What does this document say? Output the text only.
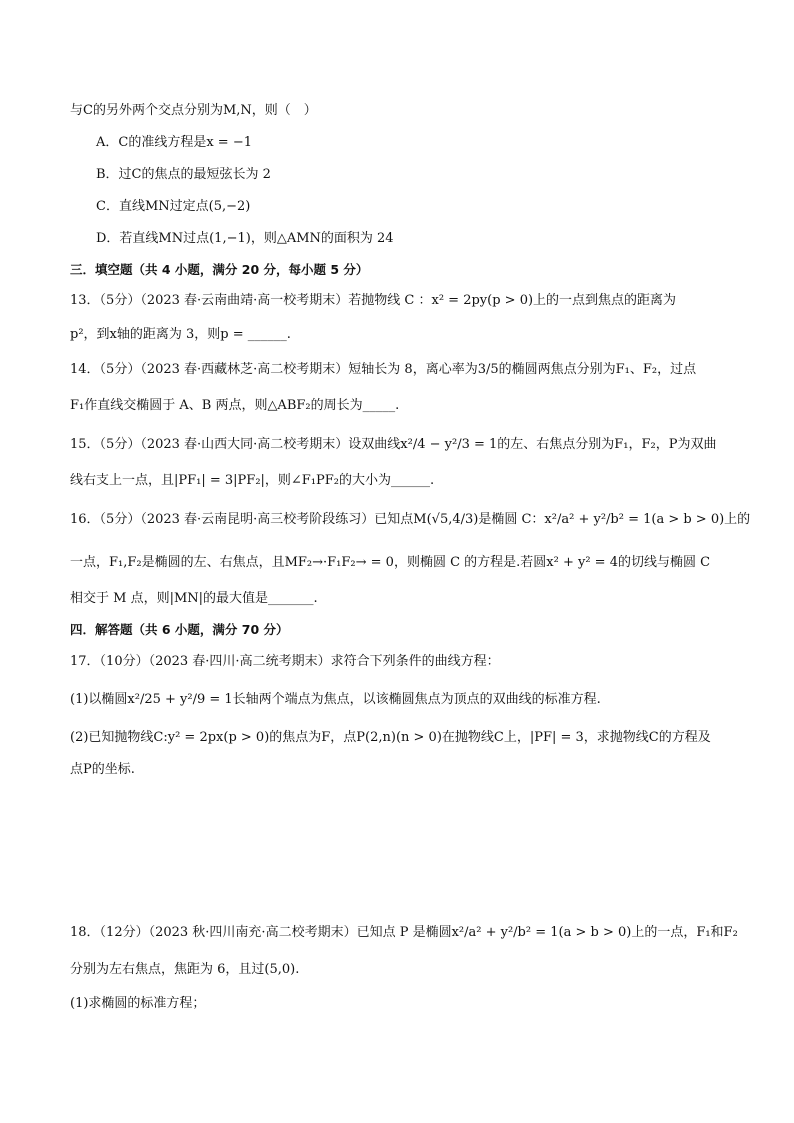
与C的另外两个交点分别为M,N，则（　）
A．C的准线方程是x = −1
B．过C的焦点的最短弦长为 2
C．直线MN过定点(5,−2)
D．若直线MN过点(1,−1)，则△AMN的面积为 24
三．填空题（共 4 小题，满分 20 分，每小题 5 分）
13．（5分）（2023 春·云南曲靖·高一校考期末）若抛物线 C ：x² = 2py(p > 0)上的一点到焦点的距离为
p²，到x轴的距离为 3，则p = ______.
14．（5分）（2023 春·西藏林芝·高二校考期末）短轴长为 8，离心率为3/5的椭圆两焦点分别为F₁、F₂，过点
F₁作直线交椭圆于 A、B 两点，则△ABF₂的周长为_____.
15．（5分）（2023 春·山西大同·高二校考期末）设双曲线x²/4 − y²/3 = 1的左、右焦点分别为F₁，F₂，P为双曲
线右支上一点，且|PF₁| = 3|PF₂|，则∠F₁PF₂的大小为______.
16．（5分）（2023 春·云南昆明·高三校考阶段练习）已知点M(√5,4/3)是椭圆 C：x²/a² + y²/b² = 1(a > b > 0)上的
一点，F₁,F₂是椭圆的左、右焦点，且MF₂→·F₁F₂→ = 0，则椭圆 C 的方程是.若圆x² + y² = 4的切线与椭圆 C
相交于 M 点，则|MN|的最大值是_______.
四．解答题（共 6 小题，满分 70 分）
17．（10分）（2023 春·四川·高二统考期末）求符合下列条件的曲线方程：
(1)以椭圆x²/25 + y²/9 = 1长轴两个端点为焦点，以该椭圆焦点为顶点的双曲线的标准方程.
(2)已知抛物线C:y² = 2px(p > 0)的焦点为F，点P(2,n)(n > 0)在抛物线C上，|PF| = 3，求抛物线C的方程及
点P的坐标.
18．（12分）（2023 秋·四川南充·高二校考期末）已知点 P 是椭圆x²/a² + y²/b² = 1(a > b > 0)上的一点，F₁和F₂
分别为左右焦点，焦距为 6，且过(5,0).
(1)求椭圆的标准方程；
